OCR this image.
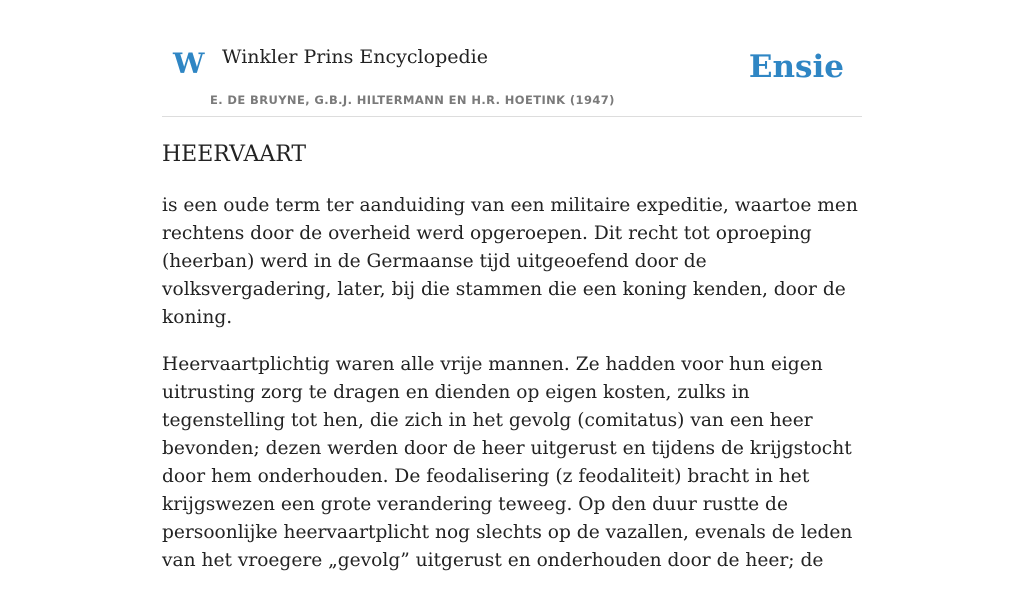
W Winkler Prins Encyclopedie
E. DE BRUYNE, G.B.J. HILTERMANN EN H.R. HOETINK (1947)
Ensie
HEERVAART

is een oude term ter aanduiding van een militaire expeditie, waartoe men rechtens door de overheid werd opgeroepen. Dit recht tot oproeping (heerban) werd in de Germaanse tijd uitgeoefend door de volksvergadering, later, bij die stammen die een koning kenden, door de koning.

Heervaartplichtig waren alle vrije mannen. Ze hadden voor hun eigen uitrusting zorg te dragen en dienden op eigen kosten, zulks in tegenstelling tot hen, die zich in het gevolg (comitatus) van een heer bevonden; dezen werden door de heer uitgerust en tijdens de krijgstocht door hem onderhouden. De feodalisering (z feodaliteit) bracht in het krijgswezen een grote verandering teweeg. Op den duur rustte de persoonlijke heervaartplicht nog slechts op de vazallen, evenals de leden van het vroegere „gevolg” uitgerust en onderhouden door de heer; de
